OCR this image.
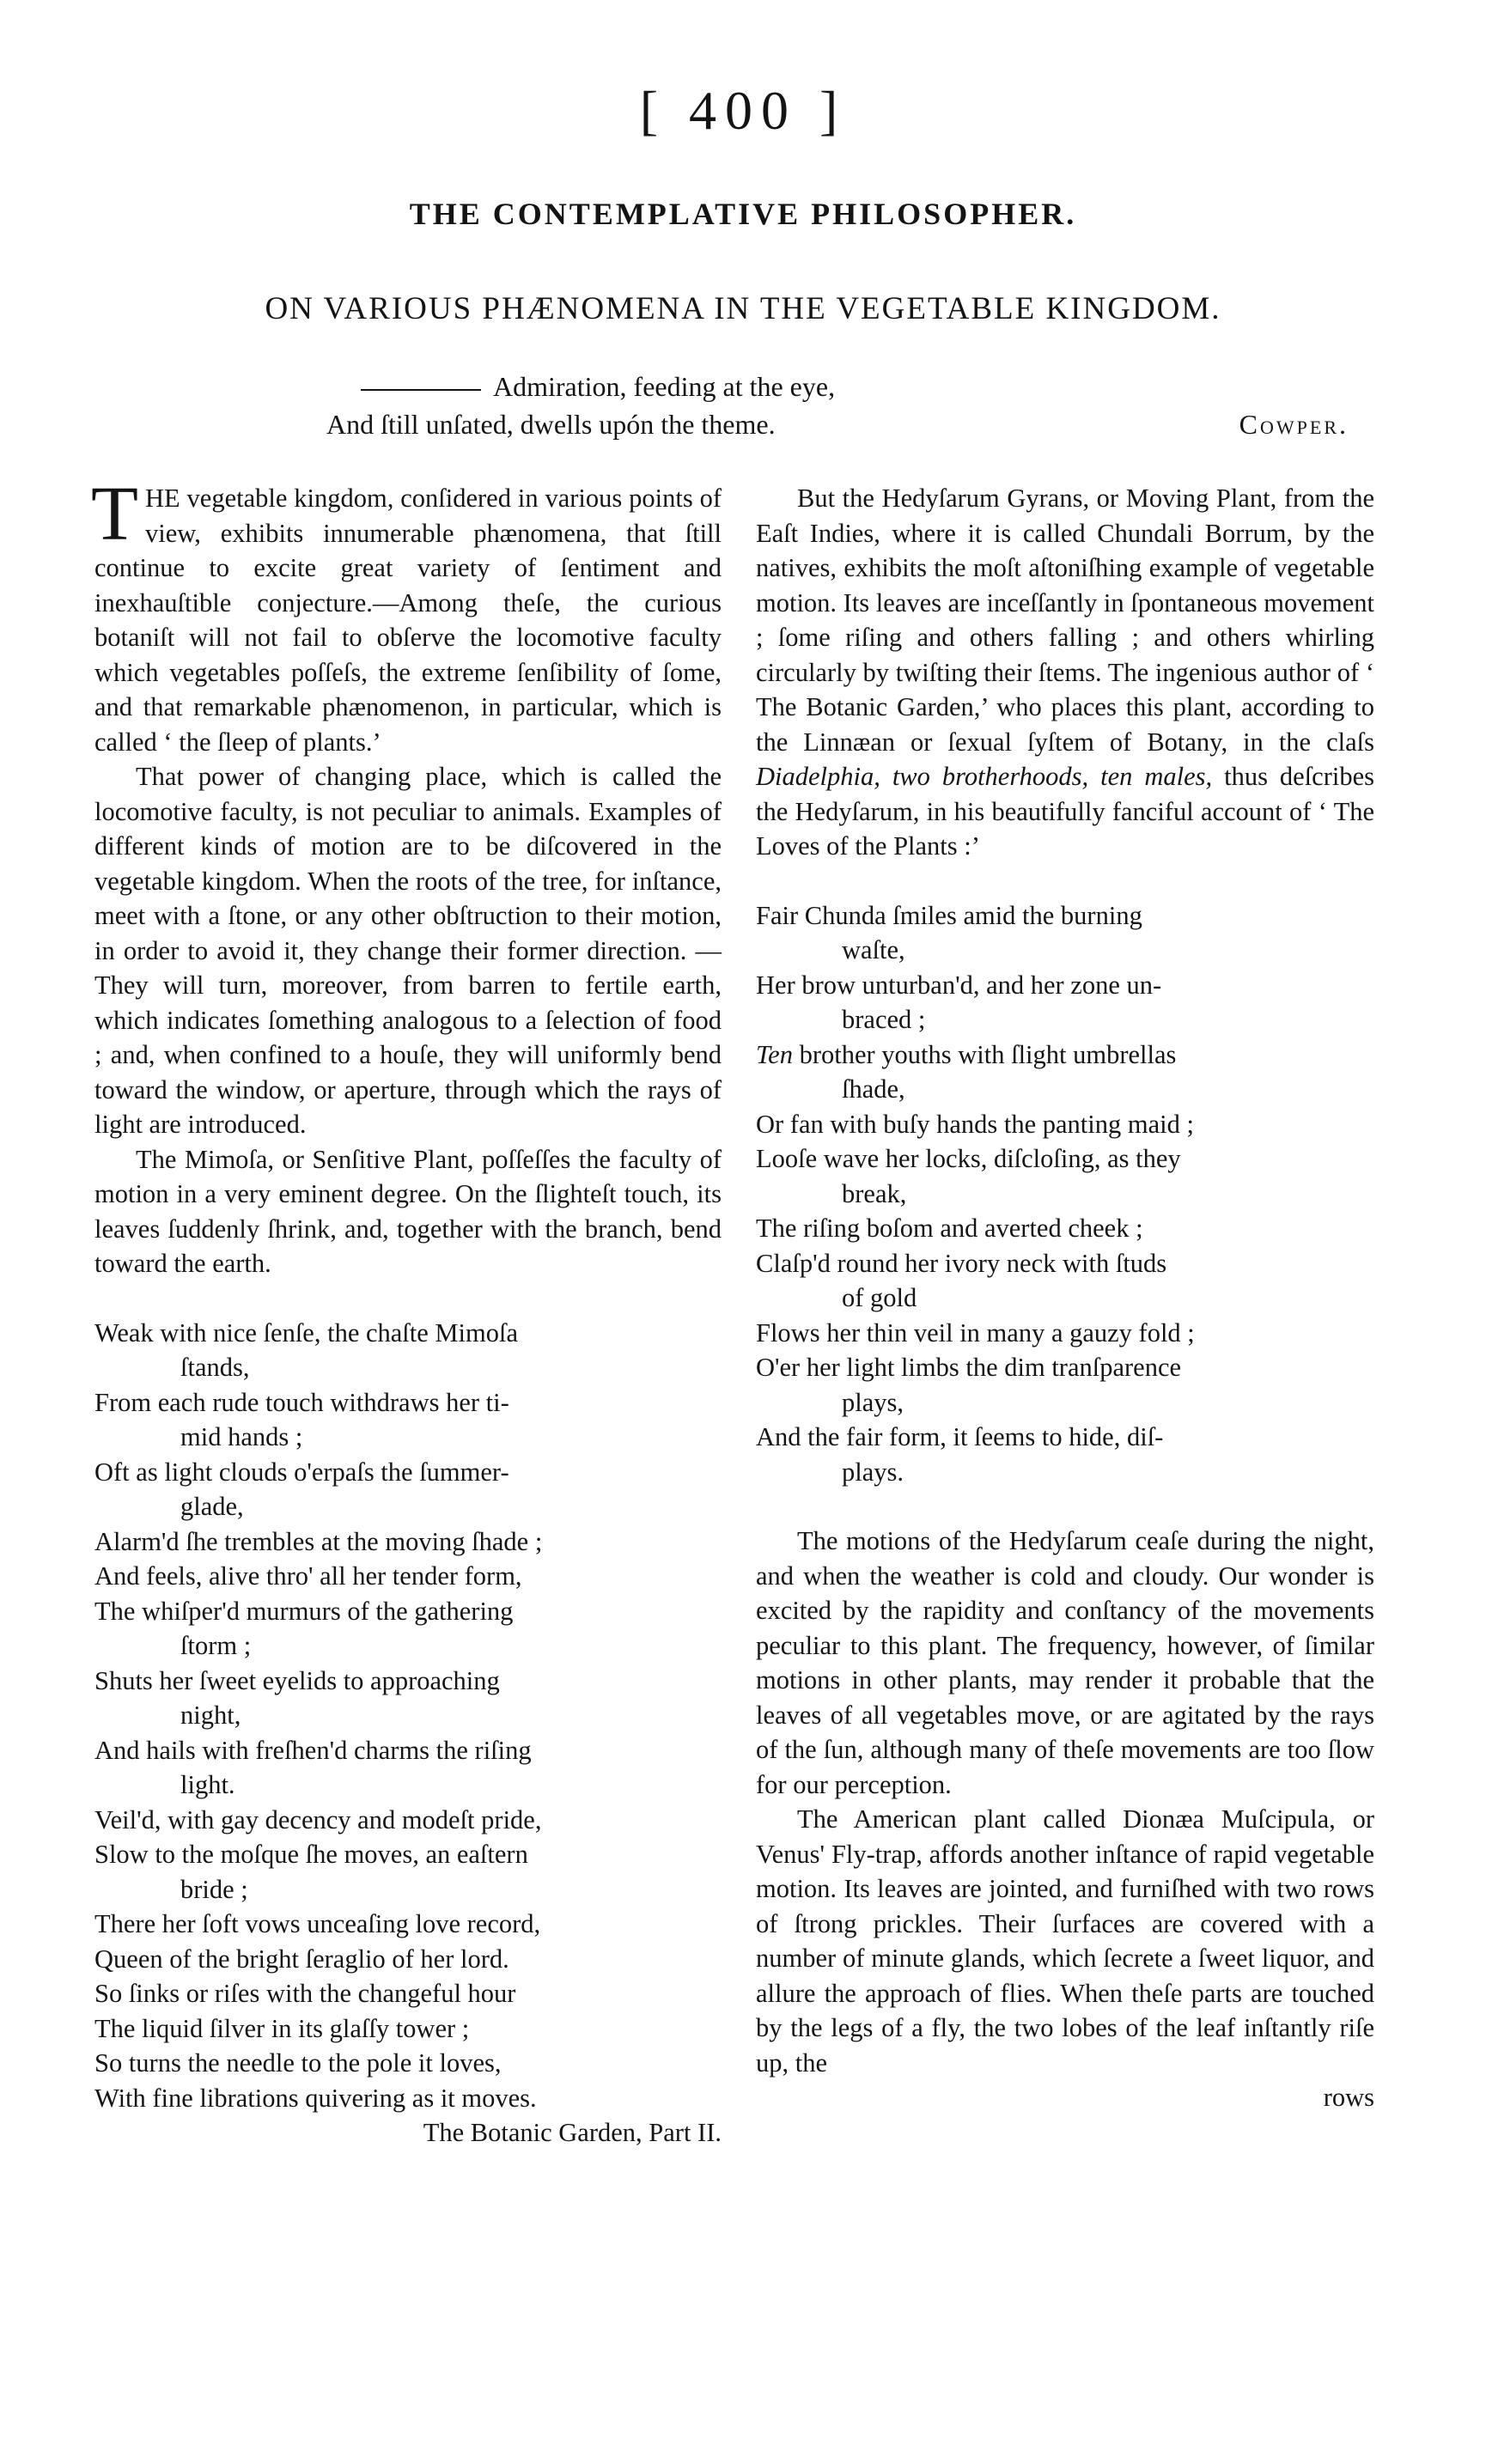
[ 400 ]
THE CONTEMPLATIVE PHILOSOPHER.
ON VARIOUS PHÆNOMENA IN THE VEGETABLE KINGDOM.
Admiration, feeding at the eye,
And ſtill unſated, dwells upón the theme.	Cowper.

THE vegetable kingdom, conſidered in various points of view, exhibits innumerable phænomena, that ſtill continue to excite great variety of ſentiment and inexhauſtible conjecture.—Among theſe, the curious botaniſt will not fail to obſerve the locomotive faculty which vegetables poſſeſs, the extreme ſenſibility of ſome, and that remarkable phænomenon, in particular, which is called ‘ the ſleep of plants.’

That power of changing place, which is called the locomotive faculty, is not peculiar to animals. Examples of different kinds of motion are to be diſcovered in the vegetable kingdom. When the roots of the tree, for inſtance, meet with a ſtone, or any other obſtruction to their motion, in order to avoid it, they change their former direction. —They will turn, moreover, from barren to fertile earth, which indicates ſomething analogous to a ſelection of food ; and, when confined to a houſe, they will uniformly bend toward the window, or aperture, through which the rays of light are introduced.

The Mimoſa, or Senſitive Plant, poſſeſſes the faculty of motion in a very eminent degree. On the ſlighteſt touch, its leaves ſuddenly ſhrink, and, together with the branch, bend toward the earth.

Weak with nice ſenſe, the chaſte Mimoſa
ſtands,
From each rude touch withdraws her ti-
mid hands ;
Oft as light clouds o'erpaſs the ſummer-
glade,
Alarm'd ſhe trembles at the moving ſhade ;
And feels, alive thro' all her tender form,
The whiſper'd murmurs of the gathering
ſtorm ;
Shuts her ſweet eyelids to approaching
night,
And hails with freſhen'd charms the riſing
light.
Veil'd, with gay decency and modeſt pride,
Slow to the moſque ſhe moves, an eaſtern
bride ;
There her ſoft vows unceaſing love record,
Queen of the bright ſeraglio of her lord.
So ſinks or riſes with the changeful hour
The liquid ſilver in its glaſſy tower ;
So turns the needle to the pole it loves,
With fine librations quivering as it moves.
The Botanic Garden, Part II.

But the Hedyſarum Gyrans, or Moving Plant, from the Eaſt Indies, where it is called Chundali Borrum, by the natives, exhibits the moſt aſtoniſhing example of vegetable motion. Its leaves are inceſſantly in ſpontaneous movement ; ſome riſing and others falling ; and others whirling circularly by twiſting their ſtems. The ingenious author of ‘ The Botanic Garden,’ who places this plant, according to the Linnæan or ſexual ſyſtem of Botany, in the claſs Diadelphia, two brotherhoods, ten males, thus deſcribes the Hedyſarum, in his beautifully fanciful account of ‘ The Loves of the Plants :’

Fair Chunda ſmiles amid the burning
waſte,
Her brow unturban'd, and her zone un-
braced ;
Ten brother youths with ſlight umbrellas
ſhade,
Or fan with buſy hands the panting maid ;
Looſe wave her locks, diſcloſing, as they
break,
The riſing boſom and averted cheek ;
Claſp'd round her ivory neck with ſtuds
of gold
Flows her thin veil in many a gauzy fold ;
O'er her light limbs the dim tranſparence
plays,
And the fair form, it ſeems to hide, diſ-
plays.

The motions of the Hedyſarum ceaſe during the night, and when the weather is cold and cloudy. Our wonder is excited by the rapidity and conſtancy of the movements peculiar to this plant. The frequency, however, of ſimilar motions in other plants, may render it probable that the leaves of all vegetables move, or are agitated by the rays of the ſun, although many of theſe movements are too ſlow for our perception.

The American plant called Dionæa Muſcipula, or Venus' Fly-trap, affords another inſtance of rapid vegetable motion. Its leaves are jointed, and furniſhed with two rows of ſtrong prickles. Their ſurfaces are covered with a number of minute glands, which ſecrete a ſweet liquor, and allure the approach of flies. When theſe parts are touched by the legs of a fly, the two lobes of the leaf inſtantly riſe up, the

rows
